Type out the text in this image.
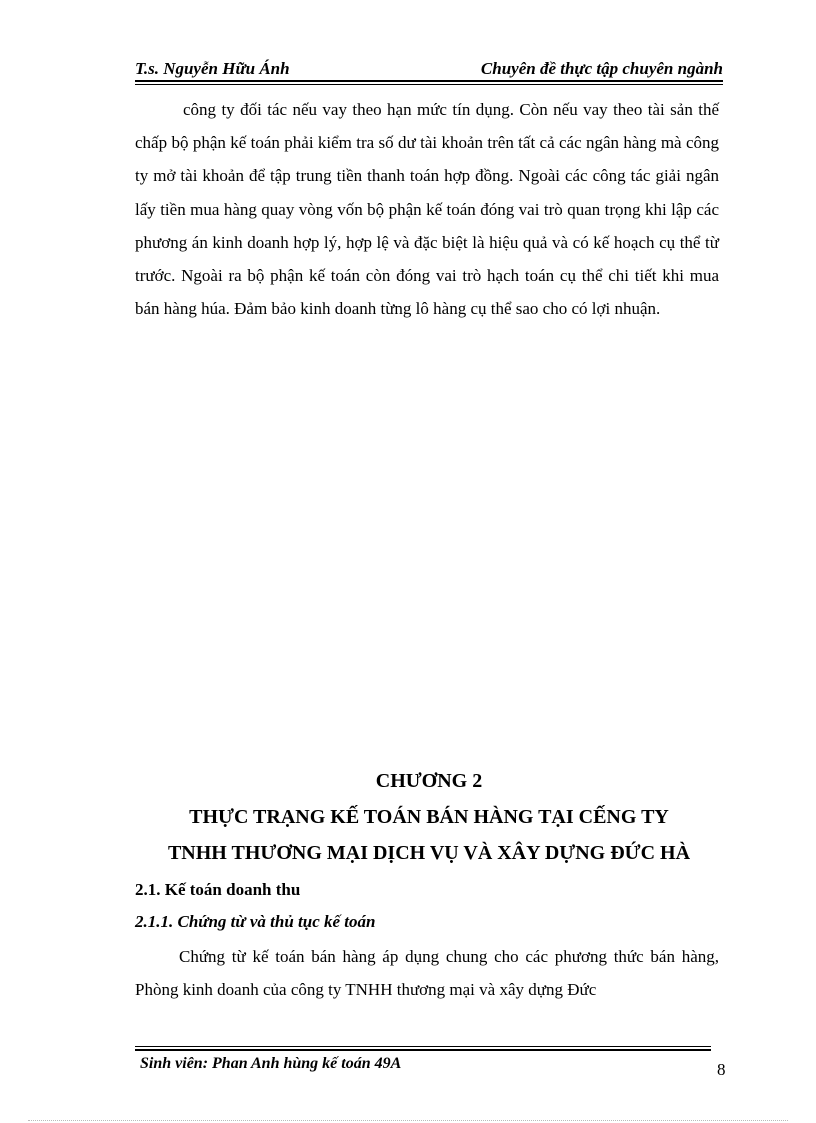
T.s. Nguyễn Hữu Ánh	Chuyên đề thực tập chuyên ngành

công ty đối tác nếu vay theo hạn mức tín dụng. Còn nếu vay theo tài sản thế chấp bộ phận kế toán phải kiểm tra số dư tài khoản trên tất cả các ngân hàng mà công ty mở tài khoản để tập trung tiền thanh toán hợp đồng. Ngoài các công tác giải ngân lấy tiền mua hàng quay vòng vốn bộ phận kế toán đóng vai trò quan trọng khi lập các phương án kinh doanh hợp lý, hợp lệ và đặc biệt là hiệu quả và có kế hoạch cụ thể từ trước. Ngoài ra bộ phận kế toán còn đóng vai trò hạch toán cụ thể chi tiết khi mua bán hàng húa. Đảm bảo kinh doanh từng lô hàng cụ thể sao cho có lợi nhuận.

CHƯƠNG 2

THỰC TRẠNG KẾ TOÁN BÁN HÀNG TẠI CẾNG TY

TNHH THƯƠNG MẠI DỊCH VỤ VÀ XÂY DỰNG ĐỨC HÀ

2.1. Kế toán doanh thu

2.1.1. Chứng từ và thủ tục kế toán

Chứng từ kế toán bán hàng áp dụng chung cho các phương thức bán hàng, Phòng kinh doanh của công ty TNHH thương mại và xây dựng Đức

Sinh viên: Phan Anh hùng kế toán 49A	8
